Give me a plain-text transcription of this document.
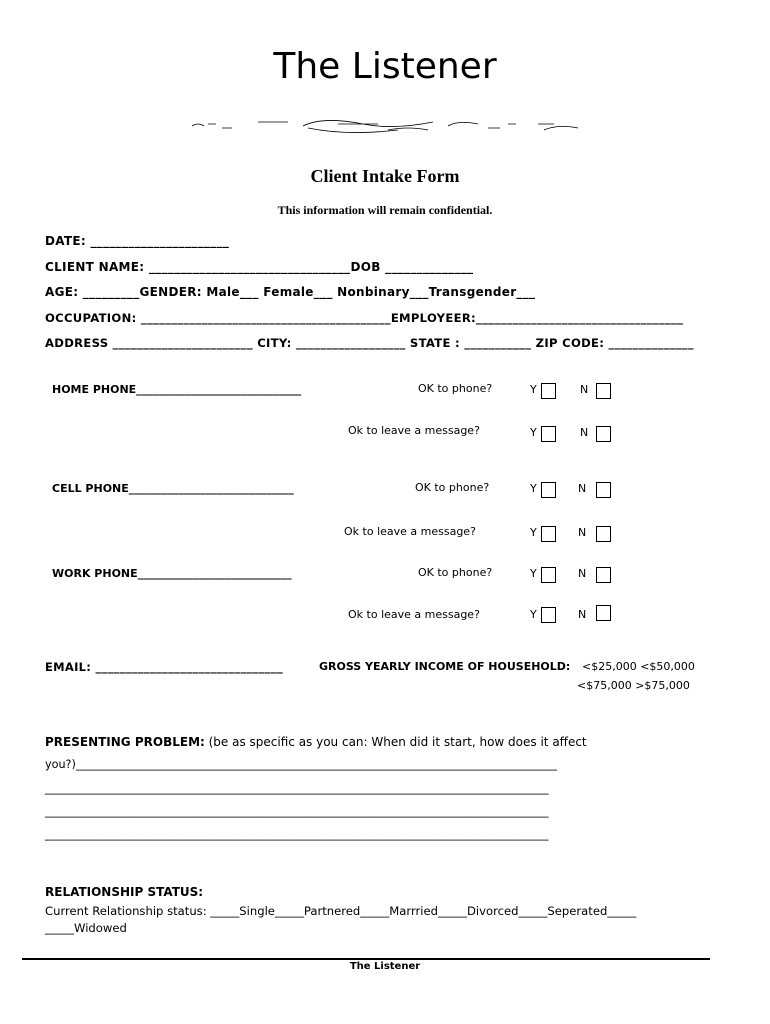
The Listener
Client Intake Form
This information will remain confidential.
DATE: ______________________
CLIENT NAME: ________________________________DOB ______________
AGE: _________GENDER: Male___ Female___ Nonbinary___Transgender___
OCCUPATION: _________________________________________EMPLOYEER:__________________________________
ADDRESS _______________________ CITY: __________________ STATE : ___________ ZIP CODE: ______________
HOME PHONE______________________________	OK to phone?	Y	N
Ok to leave a message?	Y	N
CELL PHONE______________________________	OK to phone?	Y	N
Ok to leave a message?	Y	N
WORK PHONE____________________________	OK to phone?	Y	N
Ok to leave a message?	Y	N
EMAIL: _______________________________	GROSS YEARLY INCOME OF HOUSEHOLD: <$25,000 <$50,000
<$75,000 >$75,000
PRESENTING PROBLEM: (be as specific as you can: When did it start, how does it affect
you?)______________________________________________________________________________________
__________________________________________________________________________________________
__________________________________________________________________________________________
__________________________________________________________________________________________
RELATIONSHIP STATUS:
Current Relationship status: _____Single_____Partnered_____Marrried_____Divorced_____Seperated_____
_____Widowed
The Listener
